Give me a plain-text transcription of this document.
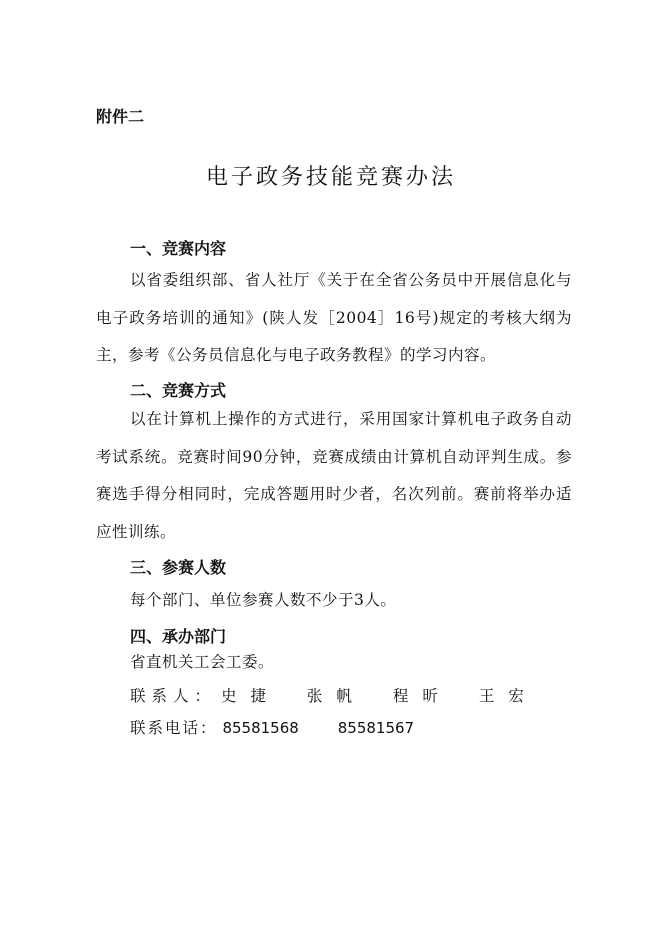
附件二
电子政务技能竞赛办法
一、竞赛内容
以省委组织部、省人社厅《关于在全省公务员中开展信息化与电子政务培训的通知》(陕人发［2004］16号)规定的考核大纲为主，参考《公务员信息化与电子政务教程》的学习内容。
二、竞赛方式
以在计算机上操作的方式进行，采用国家计算机电子政务自动考试系统。竞赛时间90分钟，竞赛成绩由计算机自动评判生成。参赛选手得分相同时，完成答题用时少者，名次列前。赛前将举办适应性训练。
三、参赛人数
每个部门、单位参赛人数不少于3人。
四、承办部门
省直机关工会工委。
联系人： 史捷 张帆 程昕 王宏
联系电话： 85581568	85581567
